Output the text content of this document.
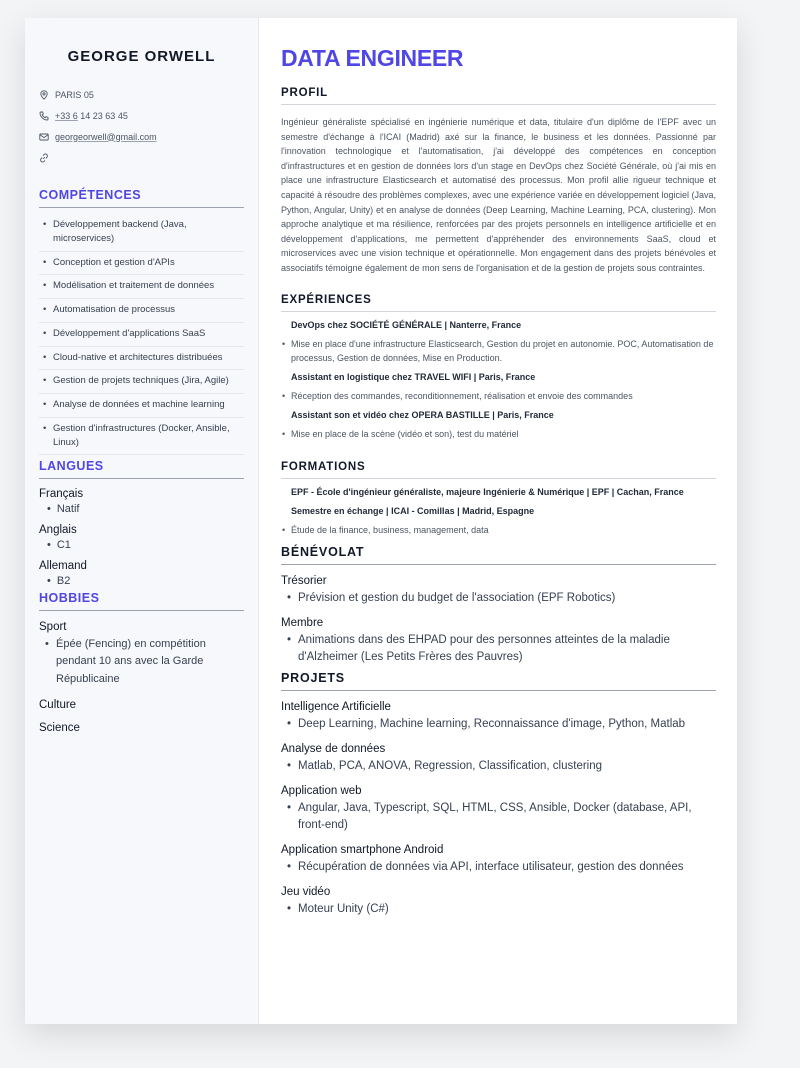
GEORGE ORWELL
PARIS 05
+33 6 14 23 63 45
georgeorwell@gmail.com
COMPÉTENCES
• Développement backend (Java, microservices)
• Conception et gestion d'APIs
• Modélisation et traitement de données
• Automatisation de processus
• Développement d'applications SaaS
• Cloud-native et architectures distribuées
• Gestion de projets techniques (Jira, Agile)
• Analyse de données et machine learning
• Gestion d'infrastructures (Docker, Ansible, Linux)
LANGUES
Français
• Natif
Anglais
• C1
Allemand
• B2
HOBBIES
Sport
• Épée (Fencing) en compétition pendant 10 ans avec la Garde Républicaine
Culture
Science
DATA ENGINEER
PROFIL
Ingénieur généraliste spécialisé en ingénierie numérique et data, titulaire d'un diplôme de l'EPF avec un semestre d'échange à l'ICAI (Madrid) axé sur la finance, le business et les données. Passionné par l'innovation technologique et l'automatisation, j'ai développé des compétences en conception d'infrastructures et en gestion de données lors d'un stage en DevOps chez Société Générale, où j'ai mis en place une infrastructure Elasticsearch et automatisé des processus. Mon profil allie rigueur technique et capacité à résoudre des problèmes complexes, avec une expérience variée en développement logiciel (Java, Python, Angular, Unity) et en analyse de données (Deep Learning, Machine Learning, PCA, clustering). Mon approche analytique et ma résilience, renforcées par des projets personnels en intelligence artificielle et en développement d'applications, me permettent d'appréhender des environnements SaaS, cloud et microservices avec une vision technique et opérationnelle. Mon engagement dans des projets bénévoles et associatifs témoigne également de mon sens de l'organisation et de la gestion de projets sous contraintes.
EXPÉRIENCES
DevOps chez SOCIÉTÉ GÉNÉRALE | Nanterre, France
• Mise en place d'une infrastructure Elasticsearch, Gestion du projet en autonomie. POC, Automatisation de processus, Gestion de données, Mise en Production.
Assistant en logistique chez TRAVEL WIFI | Paris, France
• Réception des commandes, reconditionnement, réalisation et envoie des commandes
Assistant son et vidéo chez OPERA BASTILLE | Paris, France
• Mise en place de la scène (vidéo et son), test du matériel
FORMATIONS
EPF - École d'ingénieur généraliste, majeure Ingénierie & Numérique | EPF | Cachan, France
Semestre en échange | ICAI - Comillas | Madrid, Espagne
• Étude de la finance, business, management, data
BÉNÉVOLAT
Trésorier
• Prévision et gestion du budget de l'association (EPF Robotics)
Membre
• Animations dans des EHPAD pour des personnes atteintes de la maladie d'Alzheimer (Les Petits Frères des Pauvres)
PROJETS
Intelligence Artificielle
• Deep Learning, Machine learning, Reconnaissance d'image, Python, Matlab
Analyse de données
• Matlab, PCA, ANOVA, Regression, Classification, clustering
Application web
• Angular, Java, Typescript, SQL, HTML, CSS, Ansible, Docker (database, API, front-end)
Application smartphone Android
• Récupération de données via API, interface utilisateur, gestion des données
Jeu vidéo
• Moteur Unity (C#)
